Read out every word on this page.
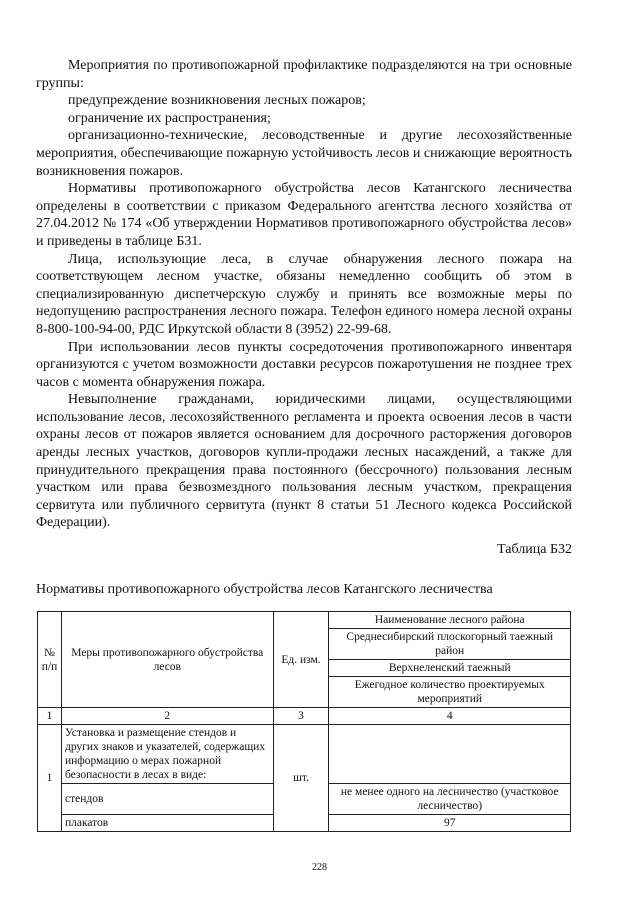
Мероприятия по противопожарной профилактике подразделяются на три основные группы:

предупреждение возникновения лесных пожаров;

ограничение их распространения;

организационно-технические, лесоводственные и другие лесохозяйственные мероприятия, обеспечивающие пожарную устойчивость лесов и снижающие вероятность возникновения пожаров.

Нормативы противопожарного обустройства лесов Катангского лесничества определены в соответствии с приказом Федерального агентства лесного хозяйства от 27.04.2012 № 174 «Об утверждении Нормативов противопожарного обустройства лесов» и приведены в таблице Б31.

Лица, использующие леса, в случае обнаружения лесного пожара на соответствующем лесном участке, обязаны немедленно сообщить об этом в специализированную диспетчерскую службу и принять все возможные меры по недопущению распространения лесного пожара. Телефон единого номера лесной охраны 8-800-100-94-00, РДС Иркутской области 8 (3952) 22-99-68.

При использовании лесов пункты сосредоточения противопожарного инвентаря организуются с учетом возможности доставки ресурсов пожаротушения не позднее трех часов с момента обнаружения пожара.

Невыполнение гражданами, юридическими лицами, осуществляющими использование лесов, лесохозяйственного регламента и проекта освоения лесов в части охраны лесов от пожаров является основанием для досрочного расторжения договоров аренды лесных участков, договоров купли-продажи лесных насаждений, а также для принудительного прекращения права постоянного (бессрочного) пользования лесным участком или права безвозмездного пользования лесным участком, прекращения сервитута или публичного сервитута (пункт 8 статьи 51 Лесного кодекса Российской Федерации).

Таблица Б32
Нормативы противопожарного обустройства лесов Катангского лесничества
№ п/п	Меры противопожарного обустройства лесов	Ед. изм.	Наименование лесного района
			Среднесибирский плоскогорный таежный район
			Верхнеленский таежный
			Ежегодное количество проектируемых мероприятий
1	2	3	4
1	Установка и размещение стендов и других знаков и указателей, содержащих информацию о мерах пожарной безопасности в лесах в виде:	шт.	
	стендов		не менее одного на лесничество (участковое лесничество)
	плакатов		97
228
